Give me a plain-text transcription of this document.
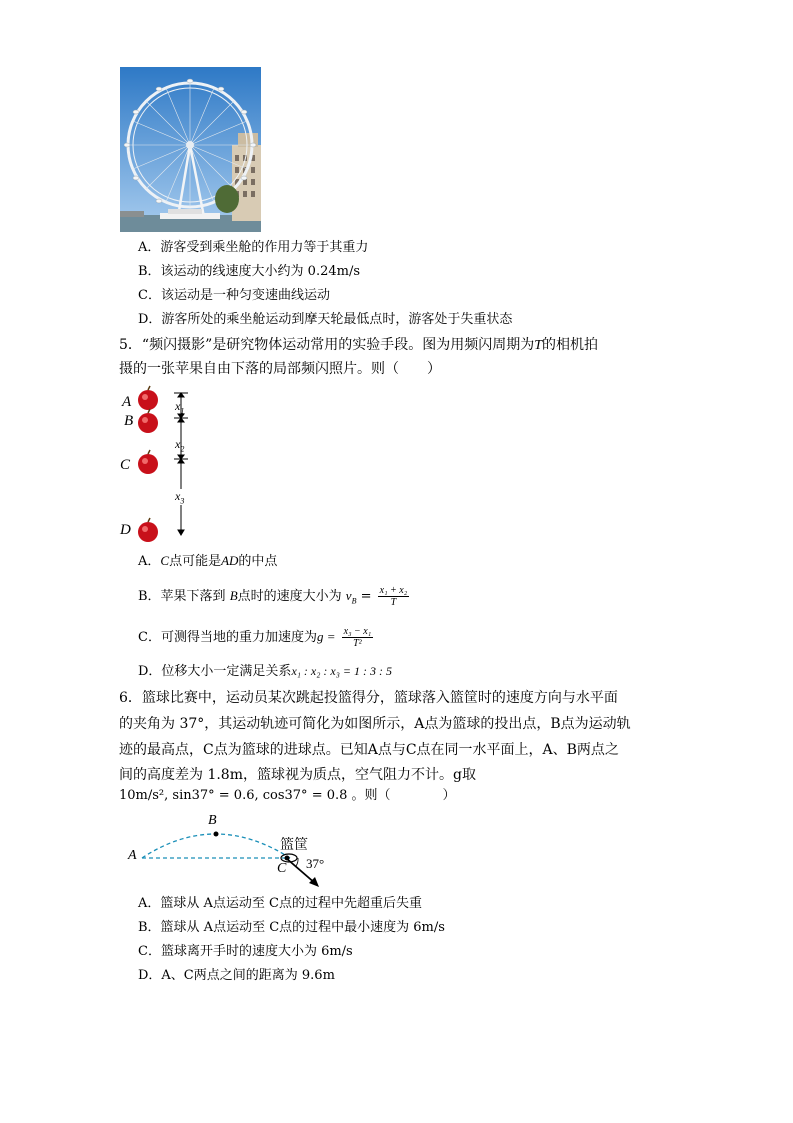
A．游客受到乘坐舱的作用力等于其重力
B．该运动的线速度大小约为 0.24m/s
C．该运动是一种匀变速曲线运动
D．游客所处的乘坐舱运动到摩天轮最低点时，游客处于失重状态
5．“频闪摄影”是研究物体运动常用的实验手段。图为用频闪周期为T的相机拍
摄的一张苹果自由下落的局部频闪照片。则（　　）
A
B
C
D
$x_1$
$x_2$
$x_3$
A．C点可能是AD的中点
B．苹果下落到 B点时的速度大小为 $v_B = \frac{\text{x₁ + x₂}}{T}$
C．可测得当地的重力加速度为$g = \frac{\text{x₃ − x₁}}{\text{T²}}$
D．位移大小一定满足关系x₁ : x₂ : x₃ = 1 : 3 : 5
6．篮球比赛中，运动员某次跳起投篮得分，篮球落入篮筐时的速度方向与水平面
的夹角为 37°，其运动轨迹可简化为如图所示，A点为篮球的投出点，B点为运动轨
迹的最高点，C点为篮球的进球点。已知A点与C点在同一水平面上，A、B两点之
间的高度差为 1.8m，篮球视为质点，空气阻力不计。g取
10m/s², sin37° = 0.6, cos37° = 0.8 。则（　　　　）
B
A
C
篮筐
37°
A．篮球从 A点运动至 C点的过程中先超重后失重
B．篮球从 A点运动至 C点的过程中最小速度为 6m/s
C．篮球离开手时的速度大小为 6m/s
D．A、C两点之间的距离为 9.6m
